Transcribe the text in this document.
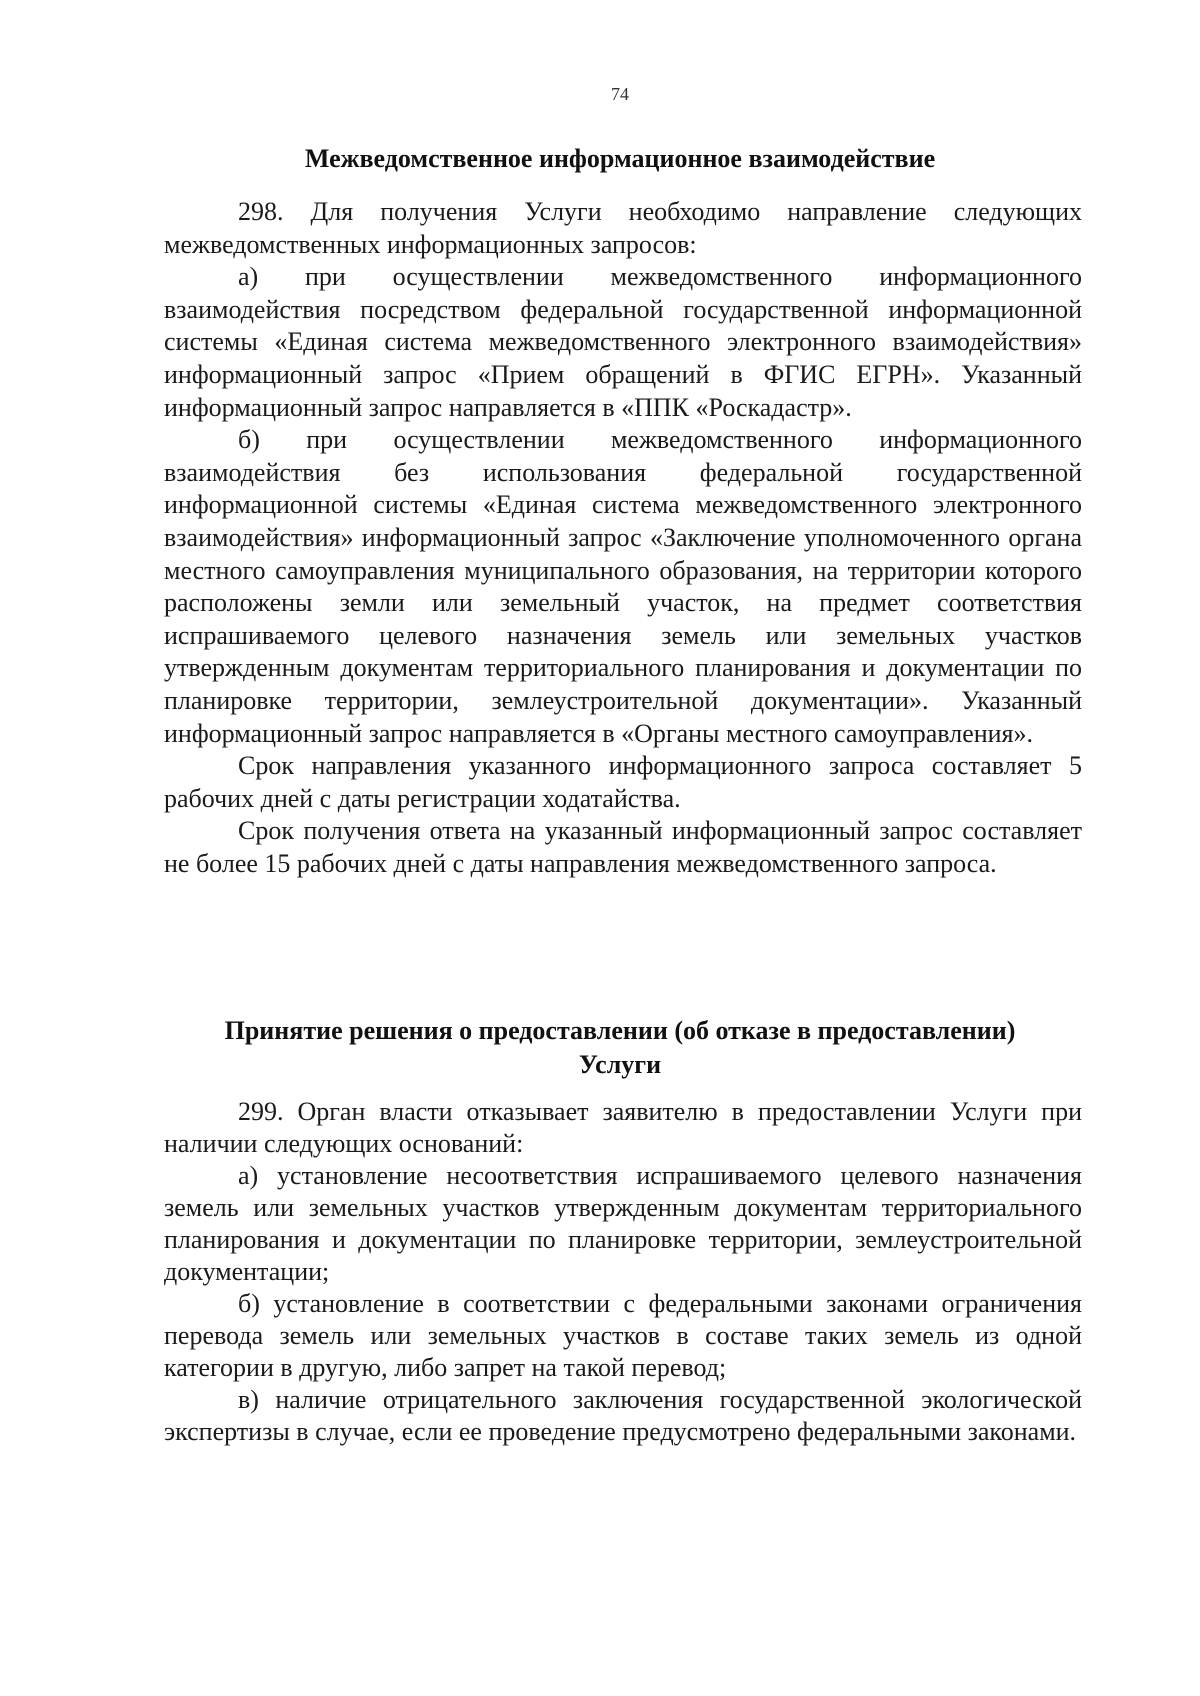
74
Межведомственное информационное взаимодействие

298. Для получения Услуги необходимо направление следующих межведомственных информационных запросов:

а) при осуществлении межведомственного информационного взаимодействия посредством федеральной государственной информационной системы «Единая система межведомственного электронного взаимодействия» информационный запрос «Прием обращений в ФГИС ЕГРН». Указанный информационный запрос направляется в «ППК «Роскадастр».

б) при осуществлении межведомственного информационного взаимодействия без использования федеральной государственной информационной системы «Единая система межведомственного электронного взаимодействия» информационный запрос «Заключение уполномоченного органа местного самоуправления муниципального образования, на территории которого расположены земли или земельный участок, на предмет соответствия испрашиваемого целевого назначения земель или земельных участков утвержденным документам территориального планирования и документации по планировке территории, землеустроительной документации». Указанный информационный запрос направляется в «Органы местного самоуправления».

Срок направления указанного информационного запроса составляет 5 рабочих дней с даты регистрации ходатайства.

Срок получения ответа на указанный информационный запрос составляет не более 15 рабочих дней с даты направления межведомственного запроса.

Принятие решения о предоставлении (об отказе в предоставлении)
Услуги

299. Орган власти отказывает заявителю в предоставлении Услуги при наличии следующих оснований:

а) установление несоответствия испрашиваемого целевого назначения земель или земельных участков утвержденным документам территориального планирования и документации по планировке территории, землеустроительной документации;

б) установление в соответствии с федеральными законами ограничения перевода земель или земельных участков в составе таких земель из одной категории в другую, либо запрет на такой перевод;

в) наличие отрицательного заключения государственной экологической экспертизы в случае, если ее проведение предусмотрено федеральными законами.
